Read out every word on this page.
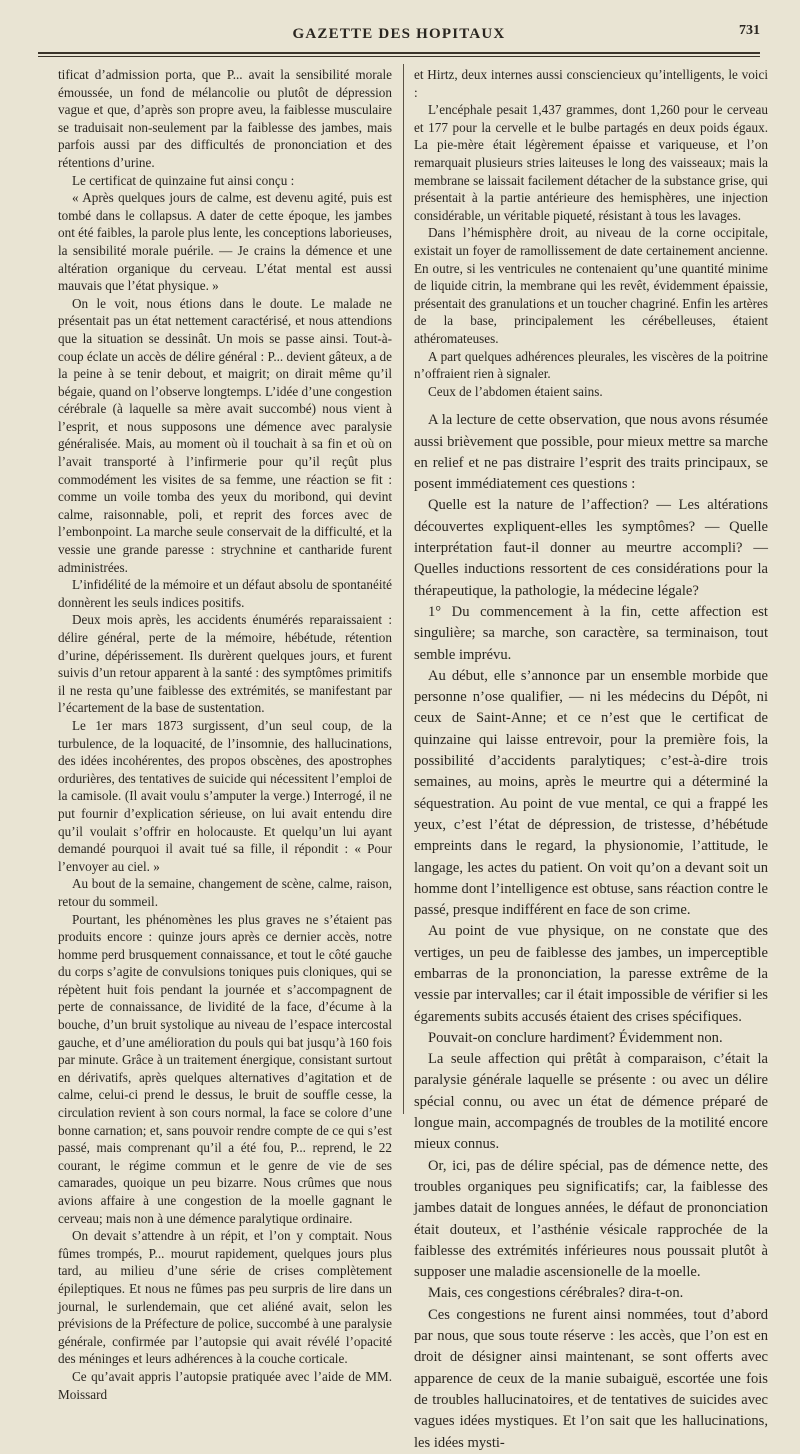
GAZETTE DES HOPITAUX	731

tificat d’admission porta, que P... avait la sensibilité morale émoussée, un fond de mélancolie ou plutôt de dépression vague et que, d’après son propre aveu, la faiblesse musculaire se traduisait non-seulement par la faiblesse des jambes, mais parfois aussi par des difficultés de prononciation et des rétentions d’urine.

Le certificat de quinzaine fut ainsi conçu :

« Après quelques jours de calme, est devenu agité, puis est tombé dans le collapsus. A dater de cette époque, les jambes ont été faibles, la parole plus lente, les conceptions laborieuses, la sensibilité morale puérile. — Je crains la démence et une altération organique du cerveau. L’état mental est aussi mauvais que l’état physique. »

On le voit, nous étions dans le doute. Le malade ne présentait pas un état nettement caractérisé, et nous attendions que la situation se dessinât. Un mois se passe ainsi. Tout-à-coup éclate un accès de délire général : P... devient gâteux, a de la peine à se tenir debout, et maigrit; on dirait même qu’il bégaie, quand on l’observe longtemps. L’idée d’une congestion cérébrale (à laquelle sa mère avait succombé) nous vient à l’esprit, et nous supposons une démence avec paralysie généralisée. Mais, au moment où il touchait à sa fin et où on l’avait transporté à l’infirmerie pour qu’il reçût plus commodément les visites de sa femme, une réaction se fit : comme un voile tomba des yeux du moribond, qui devint calme, raisonnable, poli, et reprit des forces avec de l’embonpoint. La marche seule conservait de la difficulté, et la vessie une grande paresse : strychnine et cantharide furent administrées.

L’infidélité de la mémoire et un défaut absolu de spontanéité donnèrent les seuls indices positifs.

Deux mois après, les accidents énumérés reparaissaient : délire général, perte de la mémoire, hébétude, rétention d’urine, dépérissement. Ils durèrent quelques jours, et furent suivis d’un retour apparent à la santé : des symptômes primitifs il ne resta qu’une faiblesse des extrémités, se manifestant par l’écartement de la base de sustentation.

Le 1er mars 1873 surgissent, d’un seul coup, de la turbulence, de la loquacité, de l’insomnie, des hallucinations, des idées incohérentes, des propos obscènes, des apostrophes ordurières, des tentatives de suicide qui nécessitent l’emploi de la camisole. (Il avait voulu s’amputer la verge.) Interrogé, il ne put fournir d’explication sérieuse, on lui avait entendu dire qu’il voulait s’offrir en holocauste. Et quelqu’un lui ayant demandé pourquoi il avait tué sa fille, il répondit : « Pour l’envoyer au ciel. »

Au bout de la semaine, changement de scène, calme, raison, retour du sommeil.

Pourtant, les phénomènes les plus graves ne s’étaient pas produits encore : quinze jours après ce dernier accès, notre homme perd brusquement connaissance, et tout le côté gauche du corps s’agite de convulsions toniques puis cloniques, qui se répètent huit fois pendant la journée et s’accompagnent de perte de connaissance, de lividité de la face, d’écume à la bouche, d’un bruit systolique au niveau de l’espace intercostal gauche, et d’une amélioration du pouls qui bat jusqu’à 160 fois par minute. Grâce à un traitement énergique, consistant surtout en dérivatifs, après quelques alternatives d’agitation et de calme, celui-ci prend le dessus, le bruit de souffle cesse, la circulation revient à son cours normal, la face se colore d’une bonne carnation; et, sans pouvoir rendre compte de ce qui s’est passé, mais comprenant qu’il a été fou, P... reprend, le 22 courant, le régime commun et le genre de vie de ses camarades, quoique un peu bizarre. Nous crûmes que nous avions affaire à une congestion de la moelle gagnant le cerveau; mais non à une démence paralytique ordinaire.

On devait s’attendre à un répit, et l’on y comptait. Nous fûmes trompés, P... mourut rapidement, quelques jours plus tard, au milieu d’une série de crises complètement épileptiques. Et nous ne fûmes pas peu surpris de lire dans un journal, le surlendemain, que cet aliéné avait, selon les prévisions de la Préfecture de police, succombé à une paralysie générale, confirmée par l’autopsie qui avait révélé l’opacité des méninges et leurs adhérences à la couche corticale.

Ce qu’avait appris l’autopsie pratiquée avec l’aide de MM. Moissard

et Hirtz, deux internes aussi consciencieux qu’intelligents, le voici :

L’encéphale pesait 1,437 grammes, dont 1,260 pour le cerveau et 177 pour la cervelle et le bulbe partagés en deux poids égaux. La pie-mère était légèrement épaisse et variqueuse, et l’on remarquait plusieurs stries laiteuses le long des vaisseaux; mais la membrane se laissait facilement détacher de la substance grise, qui présentait à la partie antérieure des hemisphères, une injection considérable, un véritable piqueté, résistant à tous les lavages.

Dans l’hémisphère droit, au niveau de la corne occipitale, existait un foyer de ramollissement de date certainement ancienne. En outre, si les ventricules ne contenaient qu’une quantité minime de liquide citrin, la membrane qui les revêt, évidemment épaissie, présentait des granulations et un toucher chagriné. Enfin les artères de la base, principalement les cérébelleuses, étaient athéromateuses.

A part quelques adhérences pleurales, les viscères de la poitrine n’offraient rien à signaler.

Ceux de l’abdomen étaient sains.

A la lecture de cette observation, que nous avons résumée aussi brièvement que possible, pour mieux mettre sa marche en relief et ne pas distraire l’esprit des traits principaux, se posent immédiatement ces questions :

Quelle est la nature de l’affection? — Les altérations découvertes expliquent-elles les symptômes? — Quelle interprétation faut-il donner au meurtre accompli? — Quelles inductions ressortent de ces considérations pour la thérapeutique, la pathologie, la médecine légale?

1° Du commencement à la fin, cette affection est singulière; sa marche, son caractère, sa terminaison, tout semble imprévu.

Au début, elle s’annonce par un ensemble morbide que personne n’ose qualifier, — ni les médecins du Dépôt, ni ceux de Saint-Anne; et ce n’est que le certificat de quinzaine qui laisse entrevoir, pour la première fois, la possibilité d’accidents paralytiques; c’est-à-dire trois semaines, au moins, après le meurtre qui a déterminé la séquestration. Au point de vue mental, ce qui a frappé les yeux, c’est l’état de dépression, de tristesse, d’hébétude empreints dans le regard, la physionomie, l’attitude, le langage, les actes du patient. On voit qu’on a devant soit un homme dont l’intelligence est obtuse, sans réaction contre le passé, presque indifférent en face de son crime.

Au point de vue physique, on ne constate que des vertiges, un peu de faiblesse des jambes, un imperceptible embarras de la prononciation, la paresse extrême de la vessie par intervalles; car il était impossible de vérifier si les égarements subits accusés étaient des crises spécifiques.

Pouvait-on conclure hardiment? Évidemment non.

La seule affection qui prêtât à comparaison, c’était la paralysie générale laquelle se présente : ou avec un délire spécial connu, ou avec un état de démence préparé de longue main, accompagnés de troubles de la motilité encore mieux connus.

Or, ici, pas de délire spécial, pas de démence nette, des troubles organiques peu significatifs; car, la faiblesse des jambes datait de longues années, le défaut de prononciation était douteux, et l’asthénie vésicale rapprochée de la faiblesse des extrémités inférieures nous poussait plutôt à supposer une maladie ascensionelle de la moelle.

Mais, ces congestions cérébrales? dira-t-on.

Ces congestions ne furent ainsi nommées, tout d’abord par nous, que sous toute réserve : les accès, que l’on est en droit de désigner ainsi maintenant, se sont offerts avec apparence de ceux de la manie subaiguë, escortée une fois de troubles hallucinatoires, et de tentatives de suicides avec vagues idées mystiques. Et l’on sait que les hallucinations, les idées mysti-
